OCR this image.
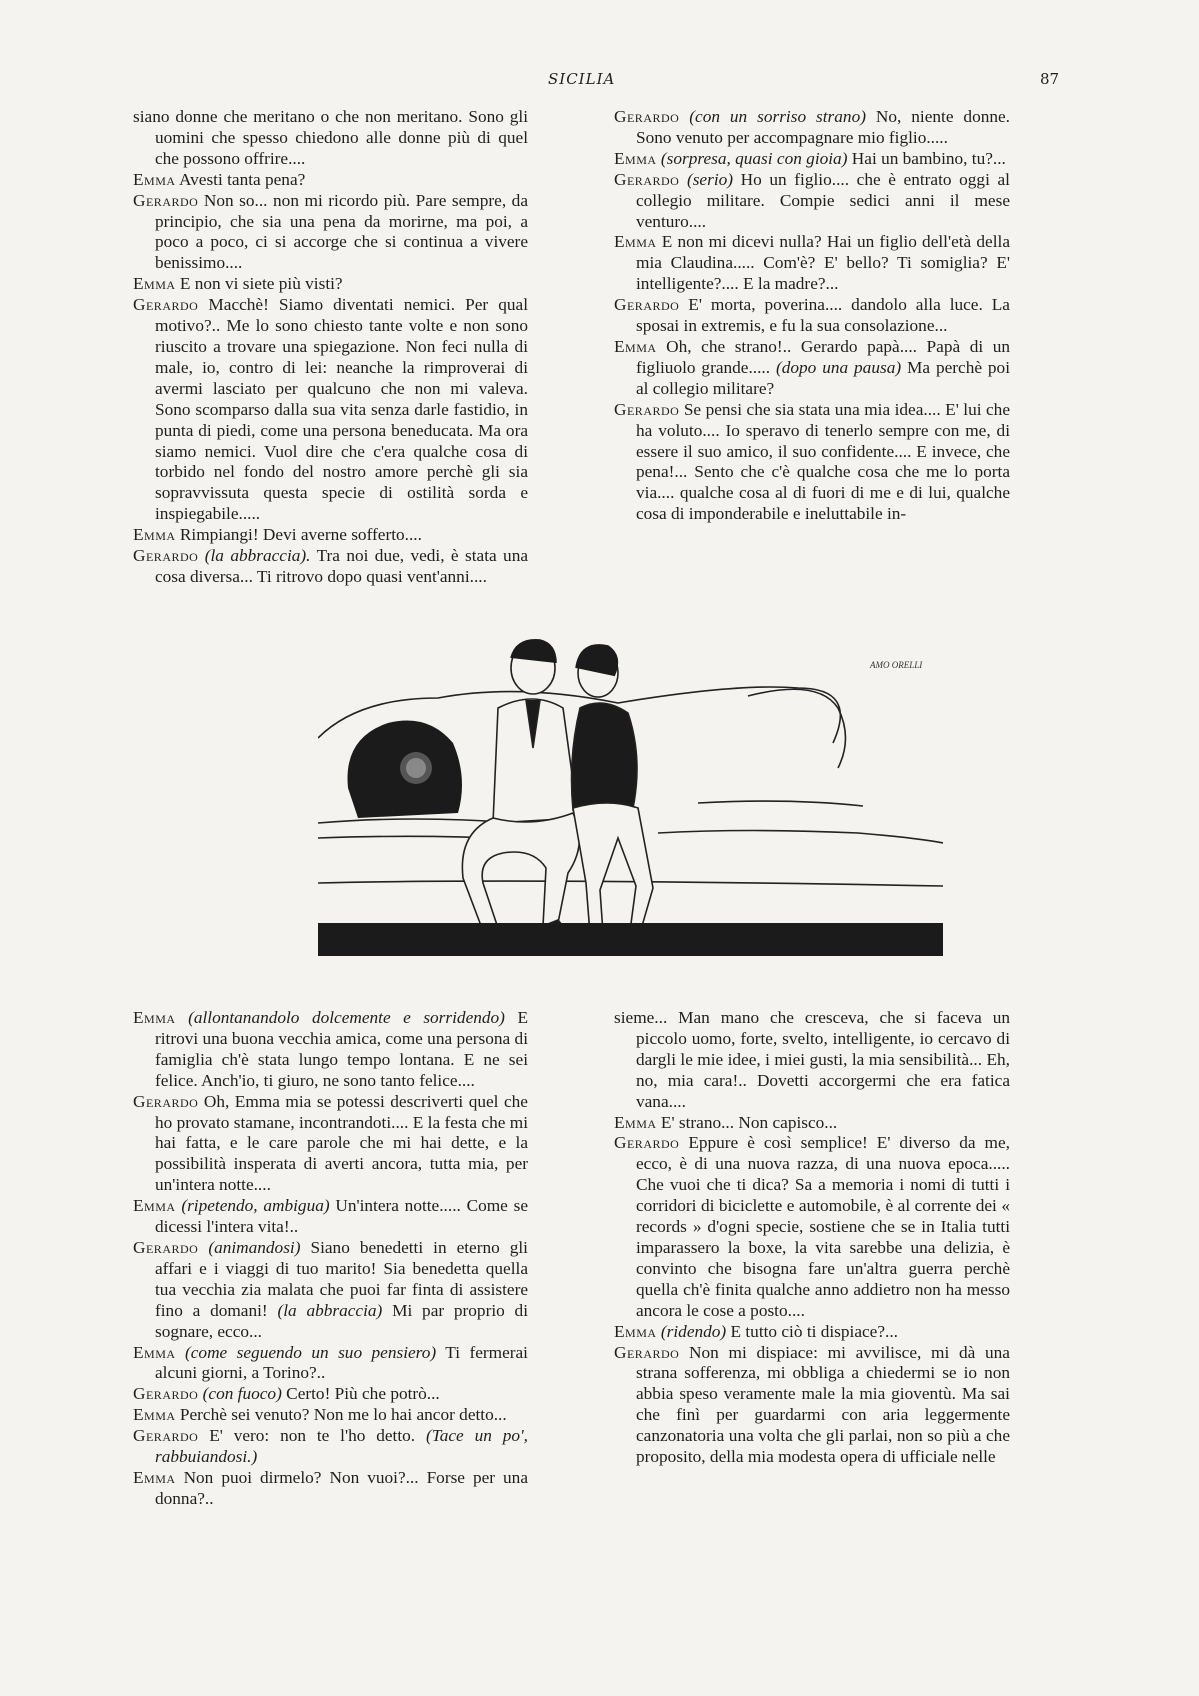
SICILIA	87

siano donne che meritano o che non meritano. Sono gli uomini che spesso chiedono alle donne più di quel che possono offrire....

Emma Avesti tanta pena?

Gerardo Non so... non mi ricordo più. Pare sempre, da principio, che sia una pena da morirne, ma poi, a poco a poco, ci si accorge che si continua a vivere benissimo....

Emma E non vi siete più visti?

Gerardo Macchè! Siamo diventati nemici. Per qual motivo?.. Me lo sono chiesto tante volte e non sono riuscito a trovare una spiegazione. Non feci nulla di male, io, contro di lei: neanche la rimproverai di avermi lasciato per qualcuno che non mi valeva. Sono scomparso dalla sua vita senza darle fastidio, in punta di piedi, come una persona beneducata. Ma ora siamo nemici. Vuol dire che c'era qualche cosa di torbido nel fondo del nostro amore perchè gli sia sopravvissuta questa specie di ostilità sorda e inspiegabile.....

Emma Rimpiangi! Devi averne sofferto....

Gerardo (la abbraccia). Tra noi due, vedi, è stata una cosa diversa... Ti ritrovo dopo quasi vent'anni....

Gerardo (con un sorriso strano) No, niente donne. Sono venuto per accompagnare mio figlio.....

Emma (sorpresa, quasi con gioia) Hai un bambino, tu?...

Gerardo (serio) Ho un figlio.... che è entrato oggi al collegio militare. Compie sedici anni il mese venturo....

Emma E non mi dicevi nulla? Hai un figlio dell'età della mia Claudina..... Com'è? E' bello? Ti somiglia? E' intelligente?.... E la madre?...

Gerardo E' morta, poverina.... dandolo alla luce. La sposai in extremis, e fu la sua consolazione...

Emma Oh, che strano!.. Gerardo papà.... Papà di un figliuolo grande..... (dopo una pausa) Ma perchè poi al collegio militare?

Gerardo Se pensi che sia stata una mia idea.... E' lui che ha voluto.... Io speravo di tenerlo sempre con me, di essere il suo amico, il suo confidente.... E invece, che pena!... Sento che c'è qualche cosa che me lo porta via.... qualche cosa al di fuori di me e di lui, qualche cosa di imponderabile e ineluttabile in-

AMO ORELLI

Emma (allontanandolo dolcemente e sorridendo) E ritrovi una buona vecchia amica, come una persona di famiglia ch'è stata lungo tempo lontana. E ne sei felice. Anch'io, ti giuro, ne sono tanto felice....

Gerardo Oh, Emma mia se potessi descriverti quel che ho provato stamane, incontrandoti.... E la festa che mi hai fatta, e le care parole che mi hai dette, e la possibilità insperata di averti ancora, tutta mia, per un'intera notte....

Emma (ripetendo, ambigua) Un'intera notte..... Come se dicessi l'intera vita!..

Gerardo (animandosi) Siano benedetti in eterno gli affari e i viaggi di tuo marito! Sia benedetta quella tua vecchia zia malata che puoi far finta di assistere fino a domani! (la abbraccia) Mi par proprio di sognare, ecco...

Emma (come seguendo un suo pensiero) Ti fermerai alcuni giorni, a Torino?..

Gerardo (con fuoco) Certo! Più che potrò...

Emma Perchè sei venuto? Non me lo hai ancor detto...

Gerardo E' vero: non te l'ho detto. (Tace un po', rabbuiandosi.)

Emma Non puoi dirmelo? Non vuoi?... Forse per una donna?..

sieme... Man mano che cresceva, che si faceva un piccolo uomo, forte, svelto, intelligente, io cercavo di dargli le mie idee, i miei gusti, la mia sensibilità... Eh, no, mia cara!.. Dovetti accorgermi che era fatica vana....

Emma E' strano... Non capisco...

Gerardo Eppure è così semplice! E' diverso da me, ecco, è di una nuova razza, di una nuova epoca..... Che vuoi che ti dica? Sa a memoria i nomi di tutti i corridori di biciclette e automobile, è al corrente dei « records » d'ogni specie, sostiene che se in Italia tutti imparassero la boxe, la vita sarebbe una delizia, è convinto che bisogna fare un'altra guerra perchè quella ch'è finita qualche anno addietro non ha messo ancora le cose a posto....

Emma (ridendo) E tutto ciò ti dispiace?...

Gerardo Non mi dispiace: mi avvilisce, mi dà una strana sofferenza, mi obbliga a chiedermi se io non abbia speso veramente male la mia gioventù. Ma sai che finì per guardarmi con aria leggermente canzonatoria una volta che gli parlai, non so più a che proposito, della mia modesta opera di ufficiale nelle
